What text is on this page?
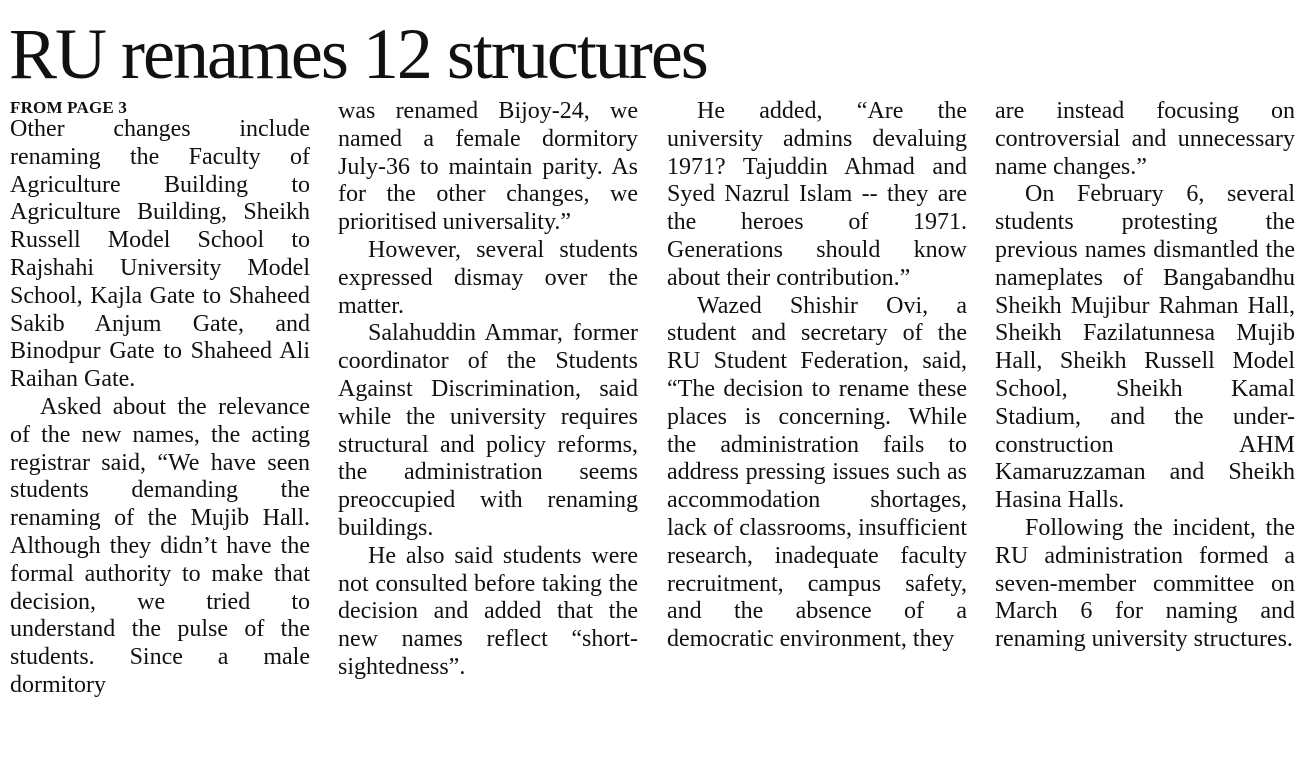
RU renames 12 structures
FROM PAGE 3

Other changes include renaming the Faculty of Agriculture Building to Agriculture Building, Sheikh Russell Model School to Rajshahi University Model School, Kajla Gate to Shaheed Sakib Anjum Gate, and Binodpur Gate to Shaheed Ali Raihan Gate.

Asked about the relevance of the new names, the acting registrar said, “We have seen students demanding the renaming of the Mujib Hall. Although they didn’t have the formal authority to make that decision, we tried to understand the pulse of the students. Since a male dormitory

was renamed Bijoy-24, we named a female dormitory July-36 to maintain parity. As for the other changes, we prioritised universality.”

However, several students expressed dismay over the matter.

Salahuddin Ammar, former coordinator of the Students Against Discrimination, said while the university requires structural and policy reforms, the administration seems preoccupied with renaming buildings.

He also said students were not consulted before taking the decision and added that the new names reflect “short-sightedness”.

He added, “Are the university admins devaluing 1971? Tajuddin Ahmad and Syed Nazrul Islam -- they are the heroes of 1971. Generations should know about their contribution.”

Wazed Shishir Ovi, a student and secretary of the RU Student Federation, said, “The decision to rename these places is concerning. While the administration fails to address pressing issues such as accommodation shortages, lack of classrooms, insufficient research, inadequate faculty recruitment, campus safety, and the absence of a democratic environment, they

are instead focusing on controversial and unnecessary name changes.”

On February 6, several students protesting the previous names dismantled the nameplates of Bangabandhu Sheikh Mujibur Rahman Hall, Sheikh Fazilatunnesa Mujib Hall, Sheikh Russell Model School, Sheikh Kamal Stadium, and the under-construction AHM Kamaruzzaman and Sheikh Hasina Halls.

Following the incident, the RU administration formed a seven-member committee on March 6 for naming and renaming university structures.
